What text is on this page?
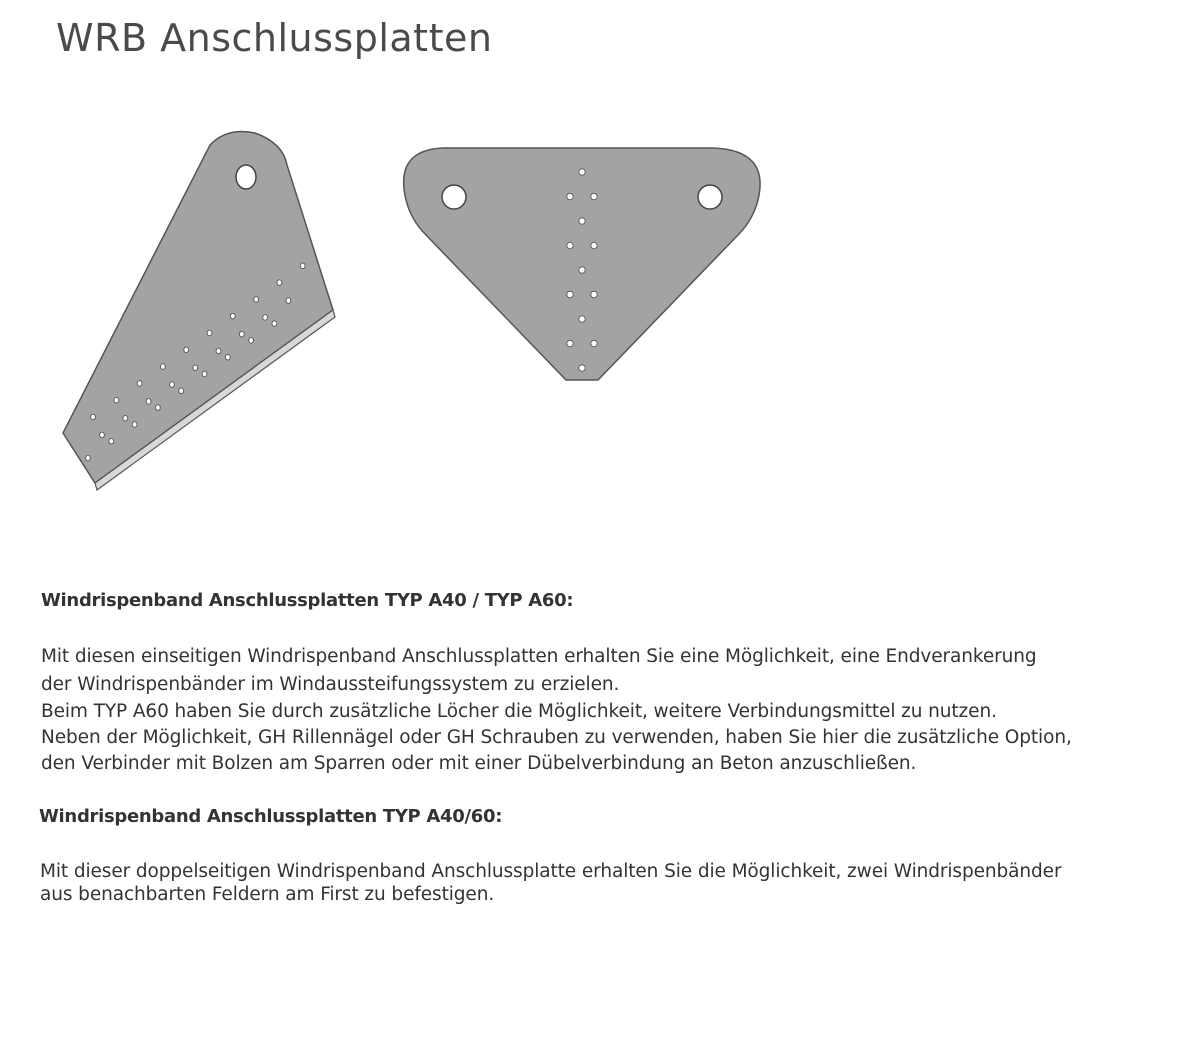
WRB Anschlussplatten
Windrispenband Anschlussplatten TYP A40 / TYP A60:

Mit diesen einseitigen Windrispenband Anschlussplatten erhalten Sie eine Möglichkeit, eine Endverankerung
der Windrispenbänder im Windaussteifungssystem zu erzielen.
Beim TYP A60 haben Sie durch zusätzliche Löcher die Möglichkeit, weitere Verbindungsmittel zu nutzen.
Neben der Möglichkeit, GH Rillennägel oder GH Schrauben zu verwenden, haben Sie hier die zusätzliche Option,
den Verbinder mit Bolzen am Sparren oder mit einer Dübelverbindung an Beton anzuschließen.

Windrispenband Anschlussplatten TYP A40/60:

Mit dieser doppelseitigen Windrispenband Anschlussplatte erhalten Sie die Möglichkeit, zwei Windrispenbänder
aus benachbarten Feldern am First zu befestigen.
